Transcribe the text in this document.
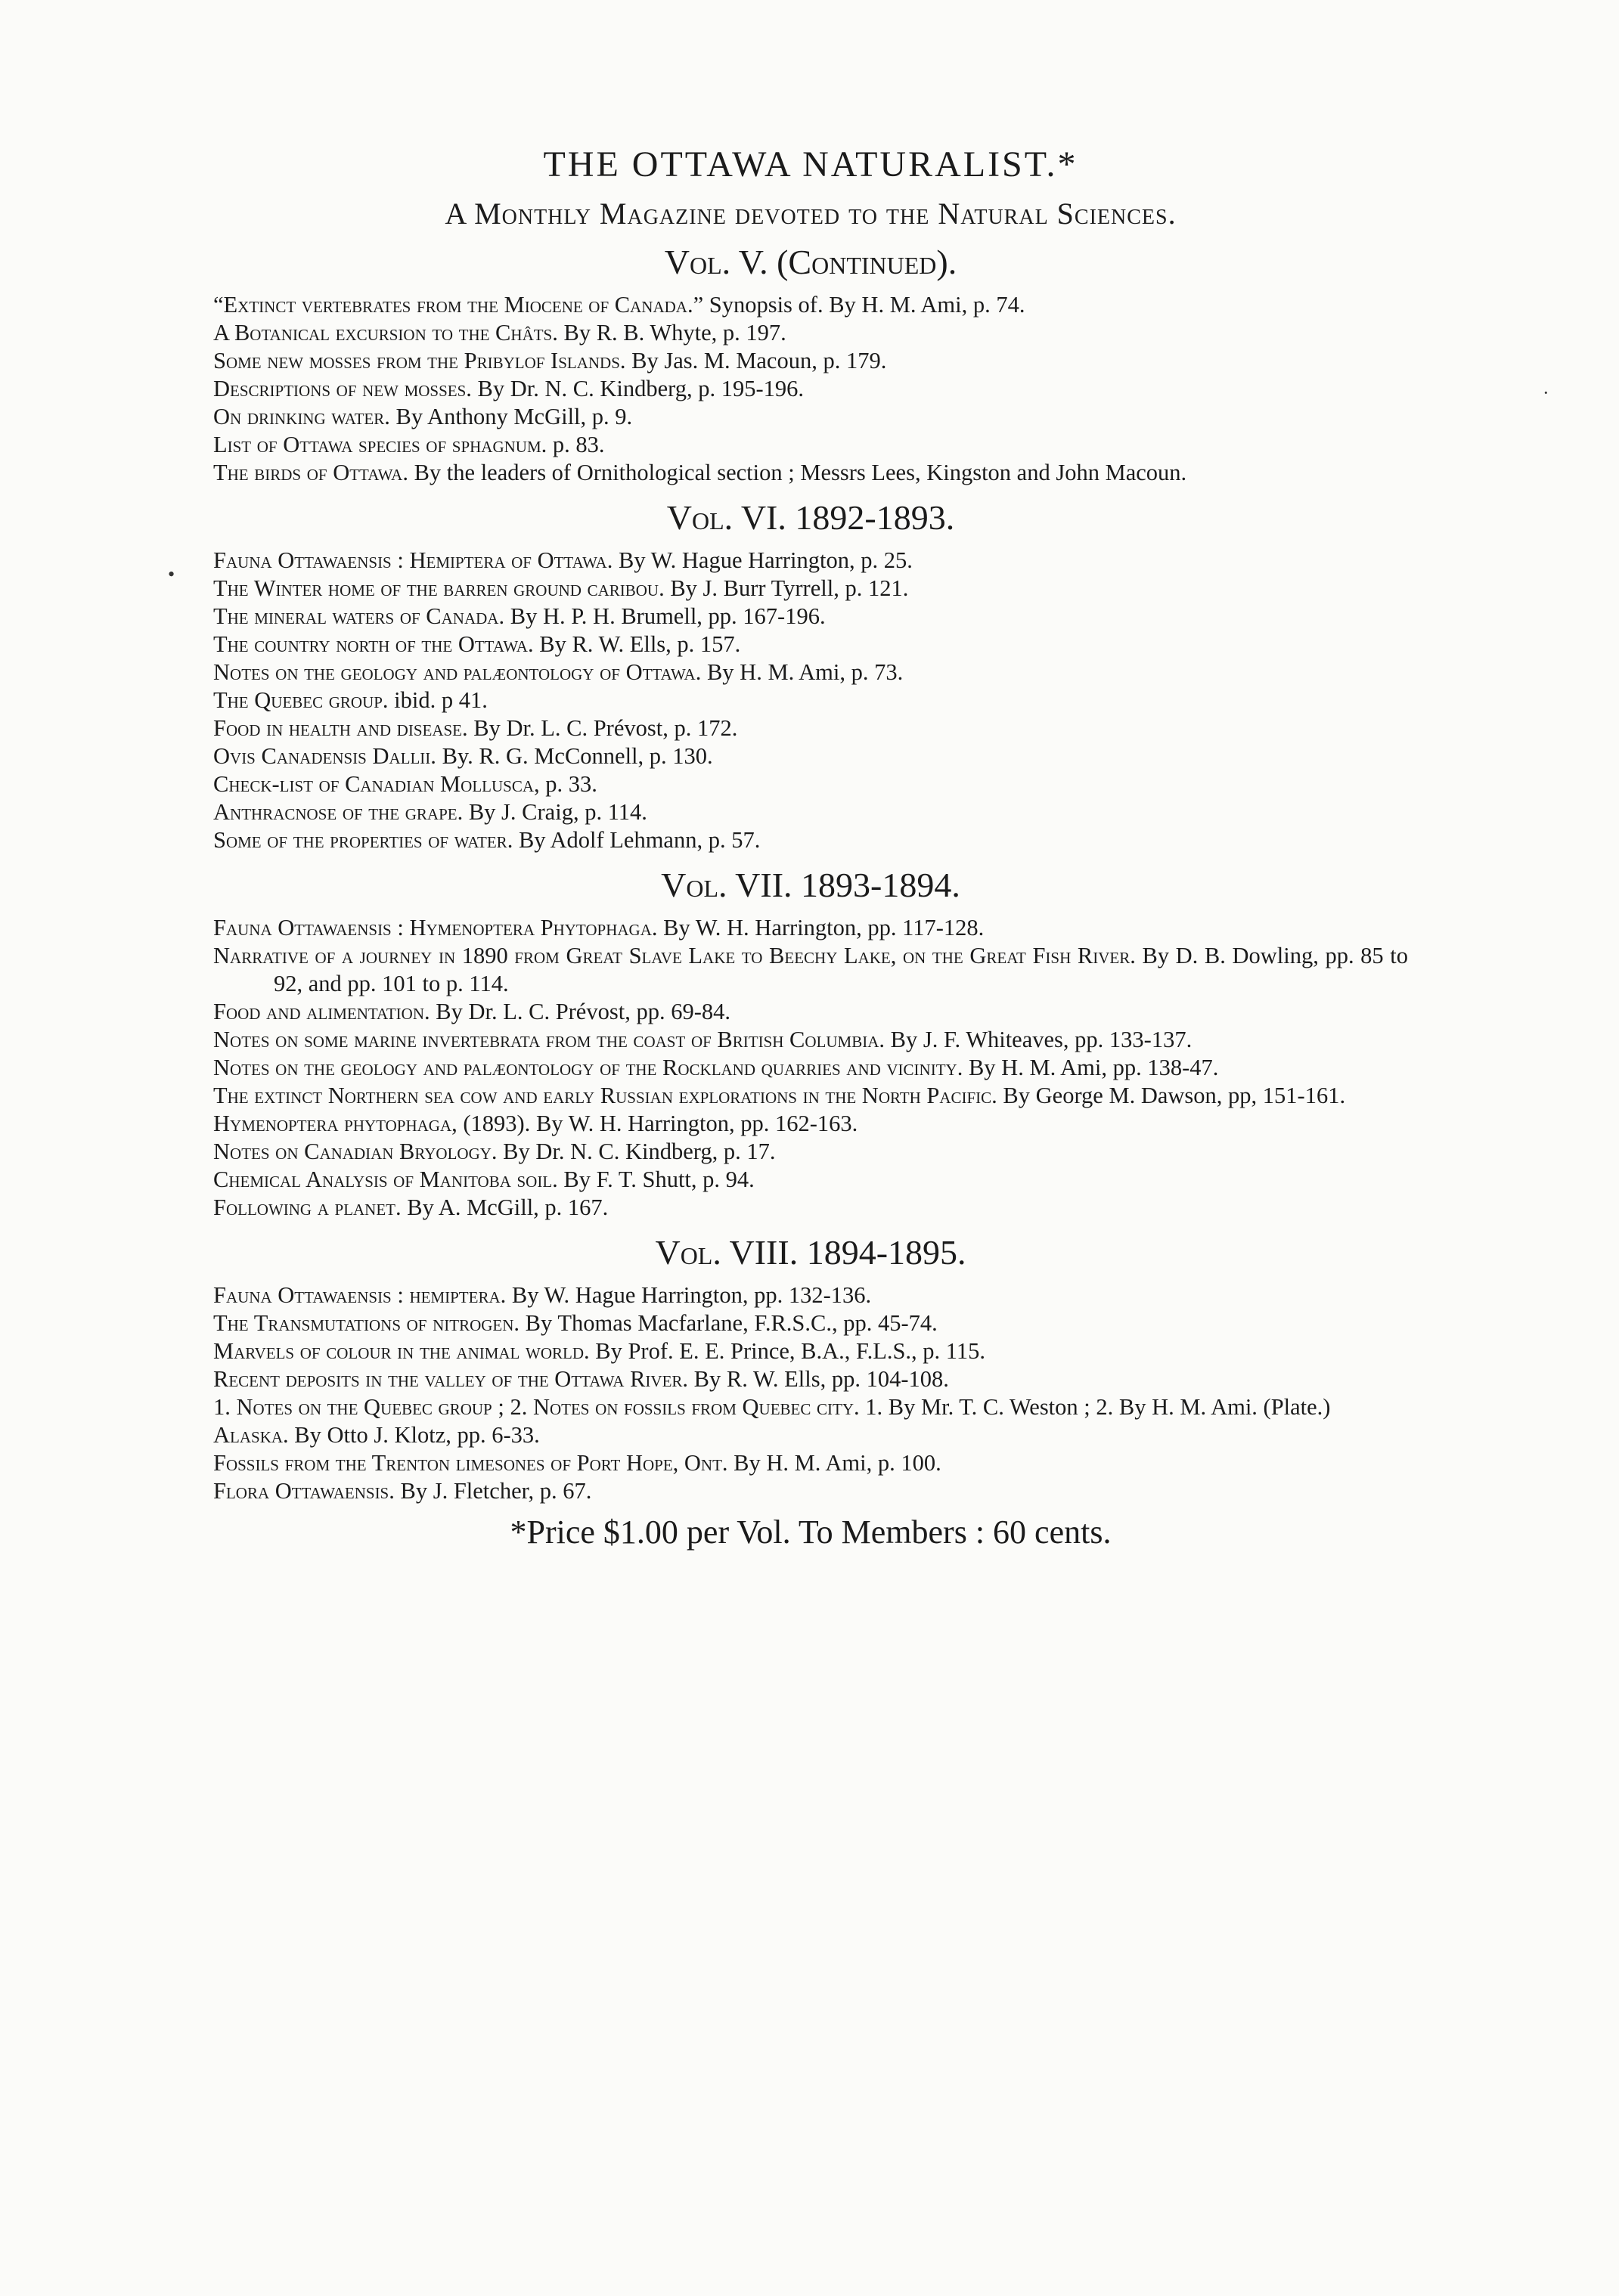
THE OTTAWA NATURALIST.*
A Monthly Magazine devoted to the Natural Sciences.
Vol. V. (Continued).
“Extinct vertebrates from the Miocene of Canada.” Synopsis of. By H. M. Ami, p. 74.
A Botanical excursion to the Châts. By R. B. Whyte, p. 197.
Some new mosses from the Pribylof Islands. By Jas. M. Macoun, p. 179.
Descriptions of new mosses. By Dr. N. C. Kindberg, p. 195-196.
On drinking water. By Anthony McGill, p. 9.
List of Ottawa species of sphagnum. p. 83.
The birds of Ottawa. By the leaders of Ornithological section ; Messrs Lees, Kingston and John Macoun.
Vol. VI. 1892-1893.
Fauna Ottawaensis : Hemiptera of Ottawa. By W. Hague Harrington, p. 25.
The Winter home of the barren ground caribou. By J. Burr Tyrrell, p. 121.
The mineral waters of Canada. By H. P. H. Brumell, pp. 167-196.
The country north of the Ottawa. By R. W. Ells, p. 157.
Notes on the geology and palæontology of Ottawa. By H. M. Ami, p. 73.
The Quebec group. ibid. p 41.
Food in health and disease. By Dr. L. C. Prévost, p. 172.
Ovis Canadensis Dallii. By. R. G. McConnell, p. 130.
Check-list of Canadian Mollusca, p. 33.
Anthracnose of the grape. By J. Craig, p. 114.
Some of the properties of water. By Adolf Lehmann, p. 57.
Vol. VII. 1893-1894.
Fauna Ottawaensis : Hymenoptera Phytophaga. By W. H. Harrington, pp. 117-128.
Narrative of a journey in 1890 from Great Slave Lake to Beechy Lake, on the Great Fish River. By D. B. Dowling, pp. 85 to 92, and pp. 101 to p. 114.
Food and alimentation. By Dr. L. C. Prévost, pp. 69-84.
Notes on some marine invertebrata from the coast of British Columbia. By J. F. Whiteaves, pp. 133-137.
Notes on the geology and palæontology of the Rockland quarries and vicinity. By H. M. Ami, pp. 138-47.
The extinct Northern sea cow and early Russian explorations in the North Pacific. By George M. Dawson, pp, 151-161.
Hymenoptera phytophaga, (1893). By W. H. Harrington, pp. 162-163.
Notes on Canadian Bryology. By Dr. N. C. Kindberg, p. 17.
Chemical Analysis of Manitoba soil. By F. T. Shutt, p. 94.
Following a planet. By A. McGill, p. 167.
Vol. VIII. 1894-1895.
Fauna Ottawaensis : hemiptera. By W. Hague Harrington, pp. 132-136.
The Transmutations of nitrogen. By Thomas Macfarlane, F.R.S.C., pp. 45-74.
Marvels of colour in the animal world. By Prof. E. E. Prince, B.A., F.L.S., p. 115.
Recent deposits in the valley of the Ottawa River. By R. W. Ells, pp. 104-108.
1. Notes on the Quebec group ; 2. Notes on fossils from Quebec city. 1. By Mr. T. C. Weston ; 2. By H. M. Ami. (Plate.)
Alaska. By Otto J. Klotz, pp. 6-33.
Fossils from the Trenton limesones of Port Hope, Ont. By H. M. Ami, p. 100.
Flora Ottawaensis. By J. Fletcher, p. 67.
*Price $1.00 per Vol. To Members : 60 cents.
·
•
